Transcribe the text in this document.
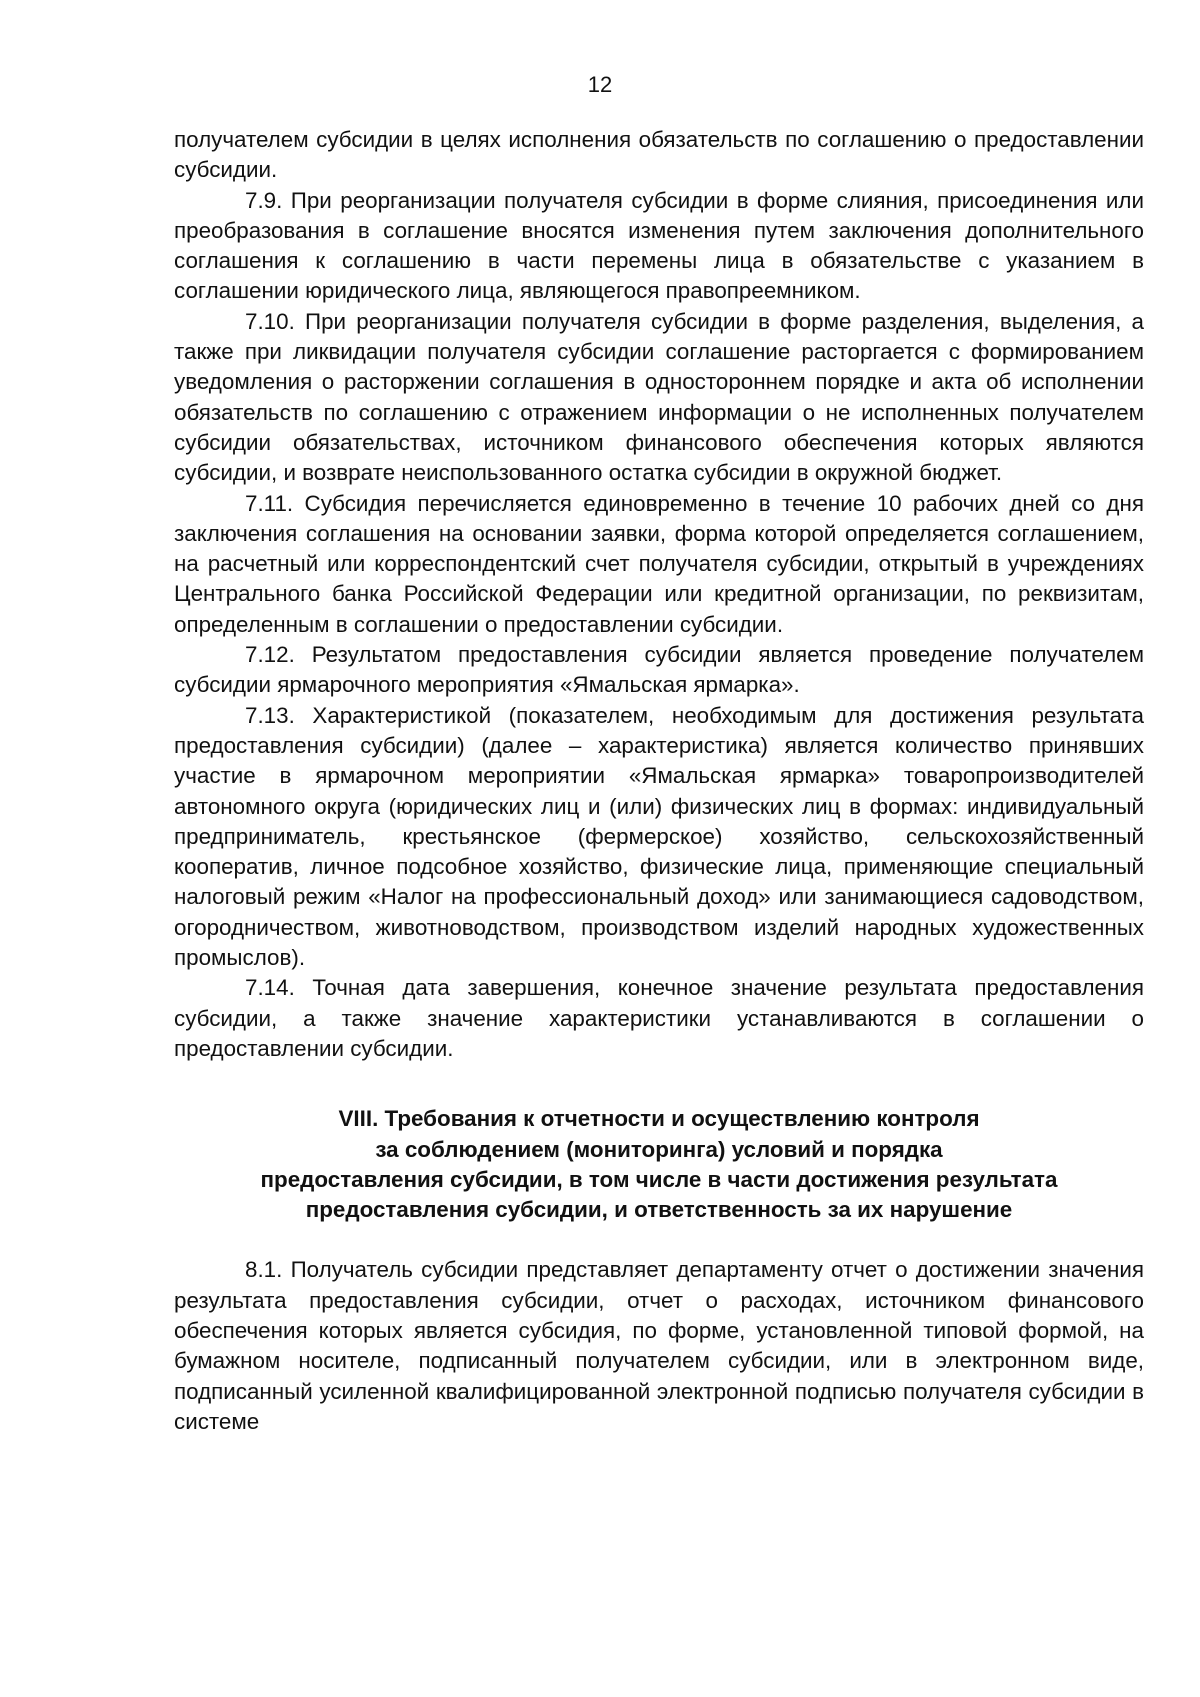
12

получателем субсидии в целях исполнения обязательств по соглашению о предоставлении субсидии.

7.9. При реорганизации получателя субсидии в форме слияния, присоединения или преобразования в соглашение вносятся изменения путем заключения дополнительного соглашения к соглашению в части перемены лица в обязательстве с указанием в соглашении юридического лица, являющегося правопреемником.

7.10. При реорганизации получателя субсидии в форме разделения, выделения, а также при ликвидации получателя субсидии соглашение расторгается с формированием уведомления о расторжении соглашения в одностороннем порядке и акта об исполнении обязательств по соглашению с отражением информации о не исполненных получателем субсидии обязательствах, источником финансового обеспечения которых являются субсидии, и возврате неиспользованного остатка субсидии в окружной бюджет.

7.11. Субсидия перечисляется единовременно в течение 10 рабочих дней со дня заключения соглашения на основании заявки, форма которой определяется соглашением, на расчетный или корреспондентский счет получателя субсидии, открытый в учреждениях Центрального банка Российской Федерации или кредитной организации, по реквизитам, определенным в соглашении о предоставлении субсидии.

7.12. Результатом предоставления субсидии является проведение получателем субсидии ярмарочного мероприятия «Ямальская ярмарка».

7.13. Характеристикой (показателем, необходимым для достижения результата предоставления субсидии) (далее – характеристика) является количество принявших участие в ярмарочном мероприятии «Ямальская ярмарка» товаропроизводителей автономного округа (юридических лиц и (или) физических лиц в формах: индивидуальный предприниматель, крестьянское (фермерское) хозяйство, сельскохозяйственный кооператив, личное подсобное хозяйство, физические лица, применяющие специальный налоговый режим «Налог на профессиональный доход» или занимающиеся садоводством, огородничеством, животноводством, производством изделий народных художественных промыслов).

7.14. Точная дата завершения, конечное значение результата предоставления субсидии, а также значение характеристики устанавливаются в соглашении о предоставлении субсидии.

VIII. Требования к отчетности и осуществлению контроля
за соблюдением (мониторинга) условий и порядка
предоставления субсидии, в том числе в части достижения результата
предоставления субсидии, и ответственность за их нарушение

8.1. Получатель субсидии представляет департаменту отчет о достижении значения результата предоставления субсидии, отчет о расходах, источником финансового обеспечения которых является субсидия, по форме, установленной типовой формой, на бумажном носителе, подписанный получателем субсидии, или в электронном виде, подписанный усиленной квалифицированной электронной подписью получателя субсидии в системе
